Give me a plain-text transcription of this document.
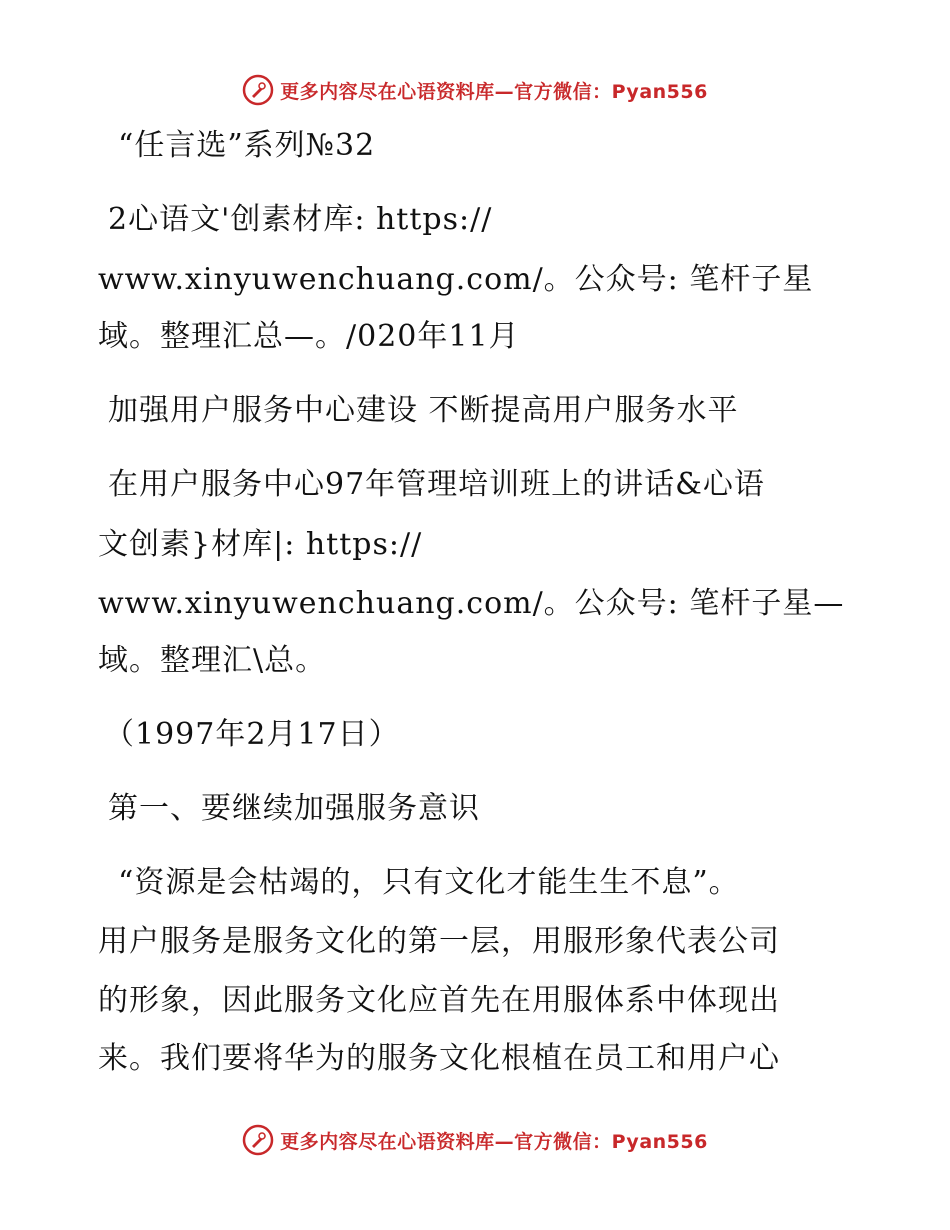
更多内容尽在心语资料库—官方微信：Pyan556
“任言选”系列№32
2心语文'创素材库: https://
www.xinyuwenchuang.com/。公众号: 笔杆子星
域。整理汇总—。/020年11月
加强用户服务中心建设 不断提高用户服务水平
在用户服务中心97年管理培训班上的讲话&心语
文创素}材库|: https://
www.xinyuwenchuang.com/。公众号: 笔杆子星—
域。整理汇\总。
（1997年2月17日）
第一、要继续加强服务意识
“资源是会枯竭的，只有文化才能生生不息”。
用户服务是服务文化的第一层，用服形象代表公司
的形象，因此服务文化应首先在用服体系中体现出
来。我们要将华为的服务文化根植在员工和用户心
更多内容尽在心语资料库—官方微信：Pyan556
